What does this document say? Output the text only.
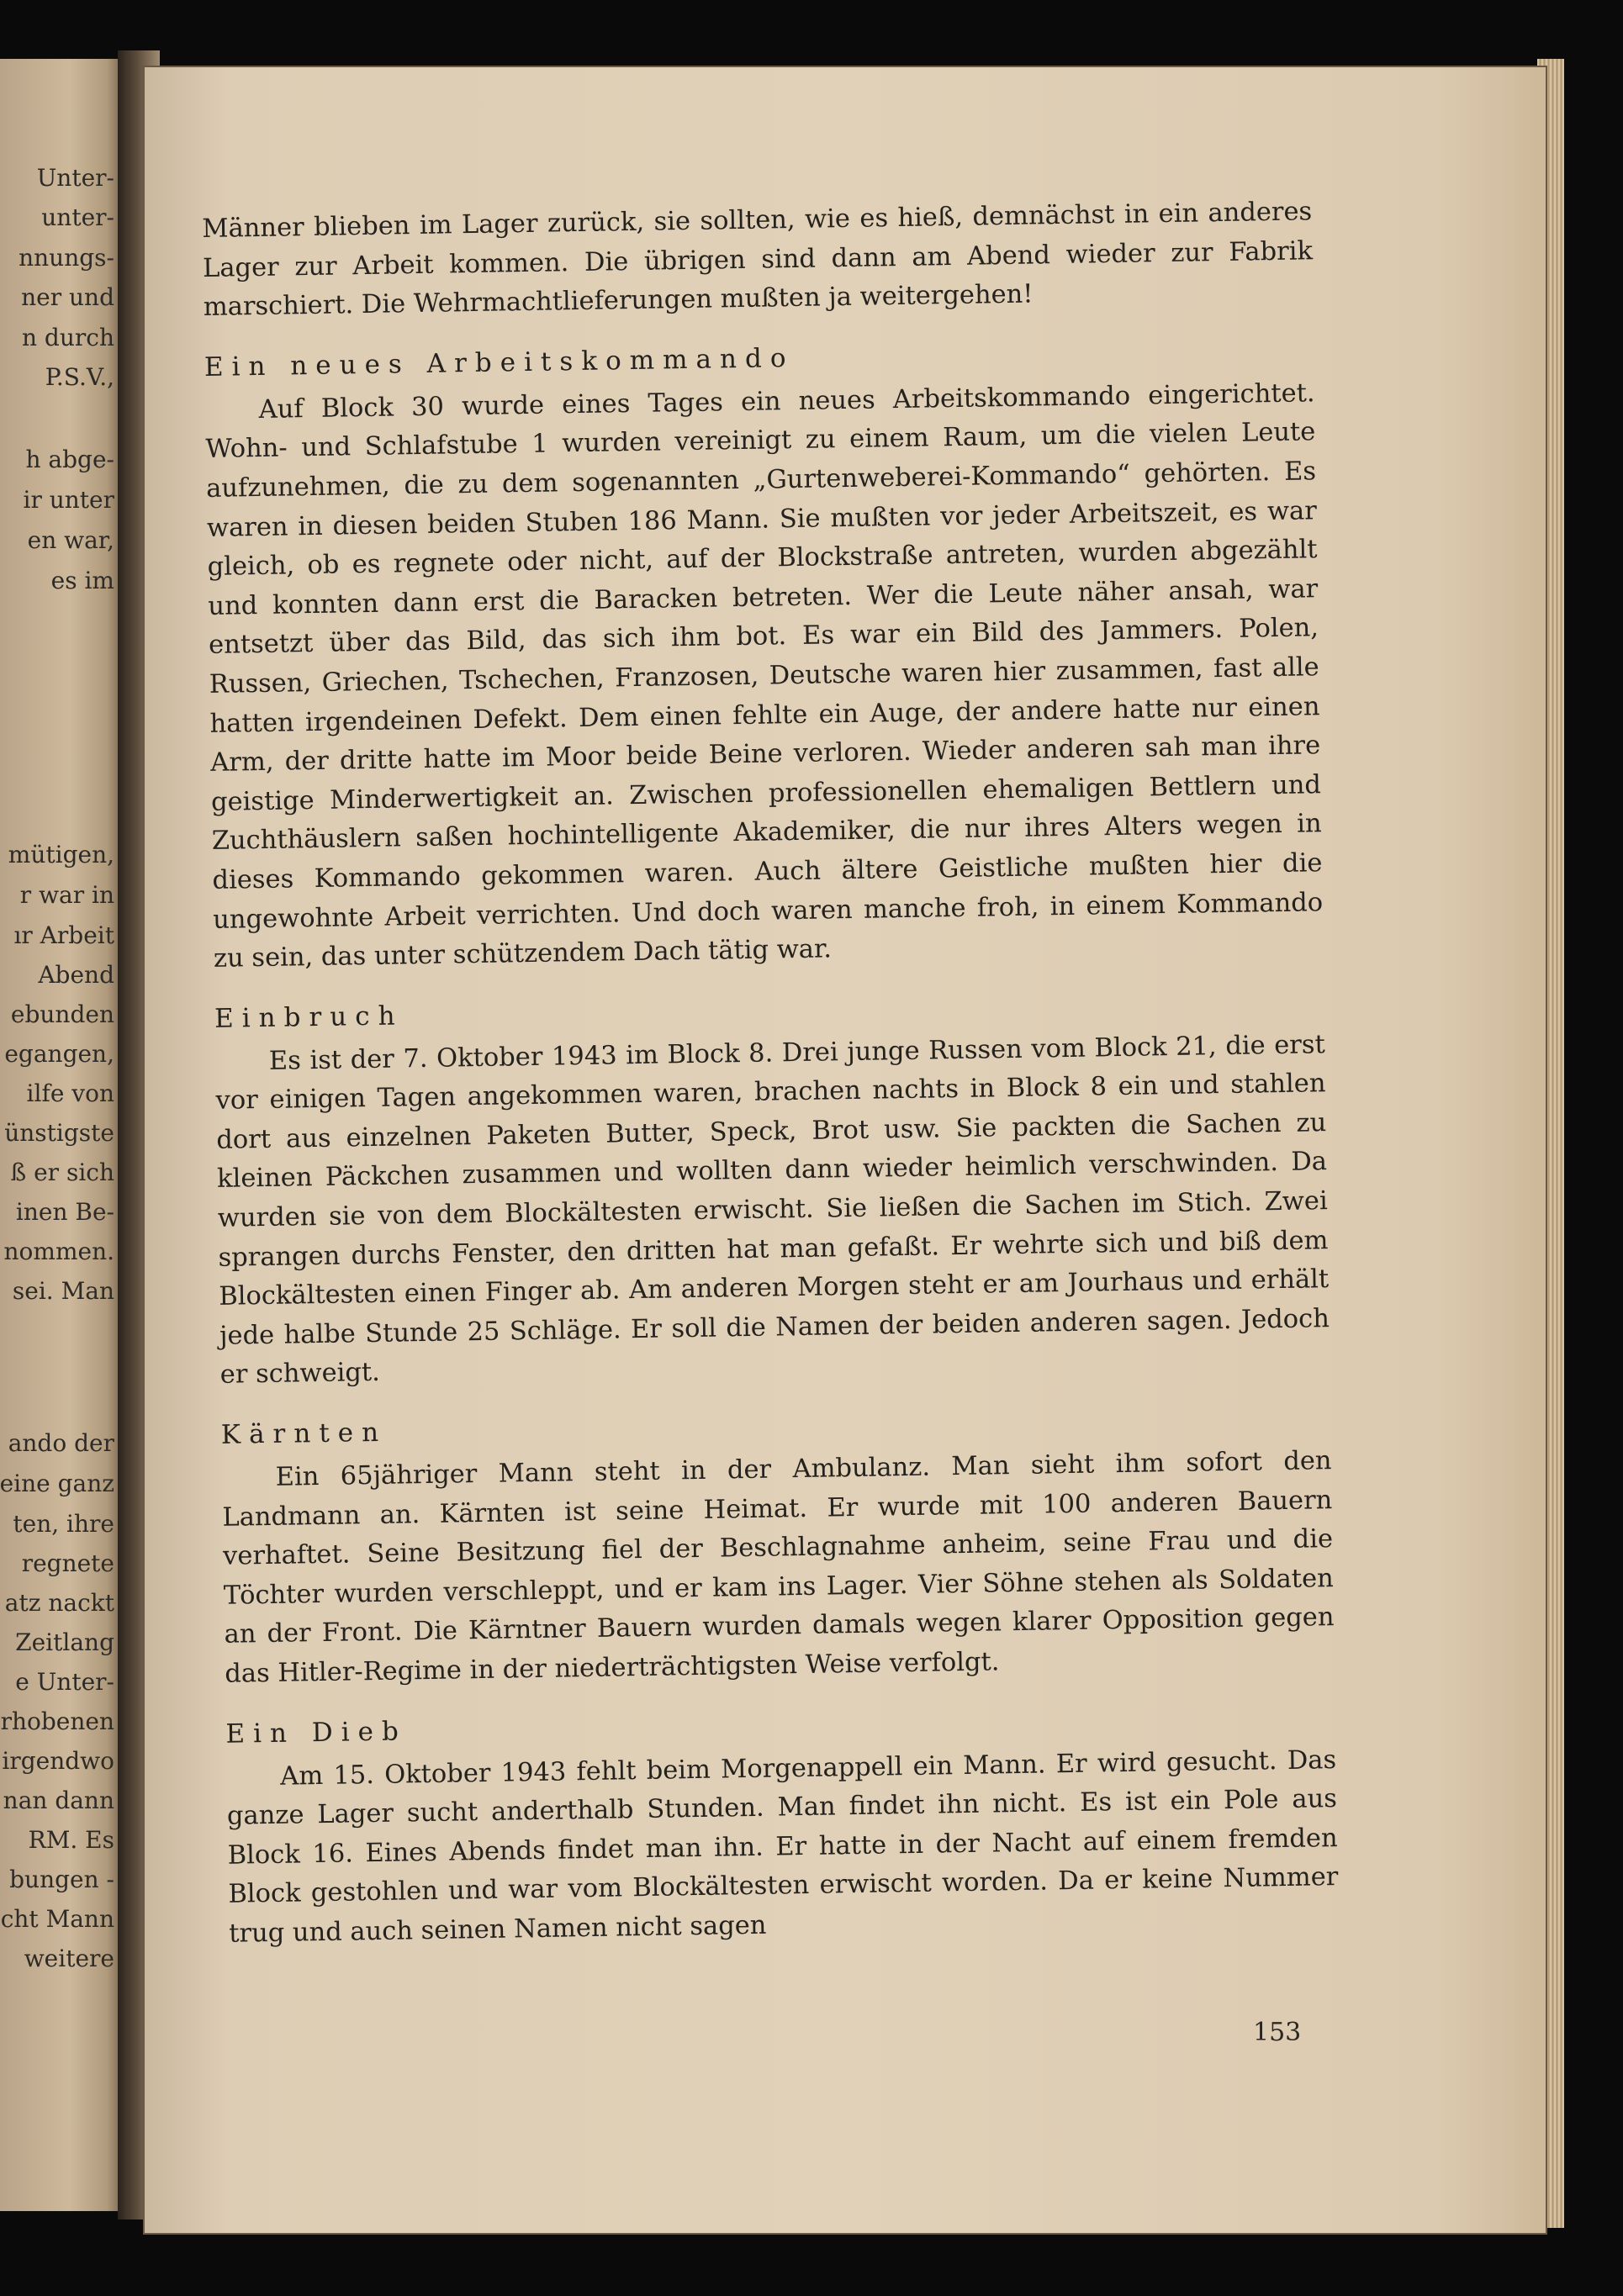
Unter-
unter-
nnungs-
ner und
n durch
P.S.V.,
h abge-
ir unter
en war,
es im
mütigen,
r war in
ır Arbeit
Abend
ebunden
egangen,
ilfe von
ünstigste
ß er sich
inen Be-
nommen.
sei. Man
ando der
eine ganz
ten, ihre
regnete
atz nackt
Zeitlang
e Unter-
rhobenen
irgendwo
nan dann
RM. Es
bungen -
cht Mann
weitere

Männer blieben im Lager zurück, sie sollten, wie es hieß, demnächst in ein anderes Lager zur Arbeit kommen. Die übrigen sind dann am Abend wieder zur Fabrik marschiert. Die Wehrmachtlieferungen mußten ja weitergehen!

Ein neues Arbeitskommando

Auf Block 30 wurde eines Tages ein neues Arbeitskommando eingerichtet. Wohn- und Schlafstube 1 wurden vereinigt zu einem Raum, um die vielen Leute aufzunehmen, die zu dem sogenannten „Gurtenweberei-Kommando“ gehörten. Es waren in diesen beiden Stuben 186 Mann. Sie mußten vor jeder Arbeitszeit, es war gleich, ob es regnete oder nicht, auf der Blockstraße antreten, wurden abgezählt und konnten dann erst die Baracken betreten. Wer die Leute näher ansah, war entsetzt über das Bild, das sich ihm bot. Es war ein Bild des Jammers. Polen, Russen, Griechen, Tschechen, Franzosen, Deutsche waren hier zusammen, fast alle hatten irgendeinen Defekt. Dem einen fehlte ein Auge, der andere hatte nur einen Arm, der dritte hatte im Moor beide Beine verloren. Wieder anderen sah man ihre geistige Minderwertigkeit an. Zwischen professionellen ehemaligen Bettlern und Zuchthäuslern saßen hochintelligente Akademiker, die nur ihres Alters wegen in dieses Kommando gekommen waren. Auch ältere Geistliche mußten hier die ungewohnte Arbeit verrichten. Und doch waren manche froh, in einem Kommando zu sein, das unter schützendem Dach tätig war.

Einbruch

Es ist der 7. Oktober 1943 im Block 8. Drei junge Russen vom Block 21, die erst vor einigen Tagen angekommen waren, brachen nachts in Block 8 ein und stahlen dort aus einzelnen Paketen Butter, Speck, Brot usw. Sie packten die Sachen zu kleinen Päckchen zusammen und wollten dann wieder heimlich verschwinden. Da wurden sie von dem Blockältesten erwischt. Sie ließen die Sachen im Stich. Zwei sprangen durchs Fenster, den dritten hat man gefaßt. Er wehrte sich und biß dem Blockältesten einen Finger ab. Am anderen Morgen steht er am Jourhaus und erhält jede halbe Stunde 25 Schläge. Er soll die Namen der beiden anderen sagen. Jedoch er schweigt.

Kärnten

Ein 65jähriger Mann steht in der Ambulanz. Man sieht ihm sofort den Landmann an. Kärnten ist seine Heimat. Er wurde mit 100 anderen Bauern verhaftet. Seine Besitzung fiel der Beschlagnahme anheim, seine Frau und die Töchter wurden verschleppt, und er kam ins Lager. Vier Söhne stehen als Soldaten an der Front. Die Kärntner Bauern wurden damals wegen klarer Opposition gegen das Hitler-Regime in der niederträchtigsten Weise verfolgt.

Ein Dieb

Am 15. Oktober 1943 fehlt beim Morgenappell ein Mann. Er wird gesucht. Das ganze Lager sucht anderthalb Stunden. Man findet ihn nicht. Es ist ein Pole aus Block 16. Eines Abends findet man ihn. Er hatte in der Nacht auf einem fremden Block gestohlen und war vom Blockältesten erwischt worden. Da er keine Nummer trug und auch seinen Namen nicht sagen

153
